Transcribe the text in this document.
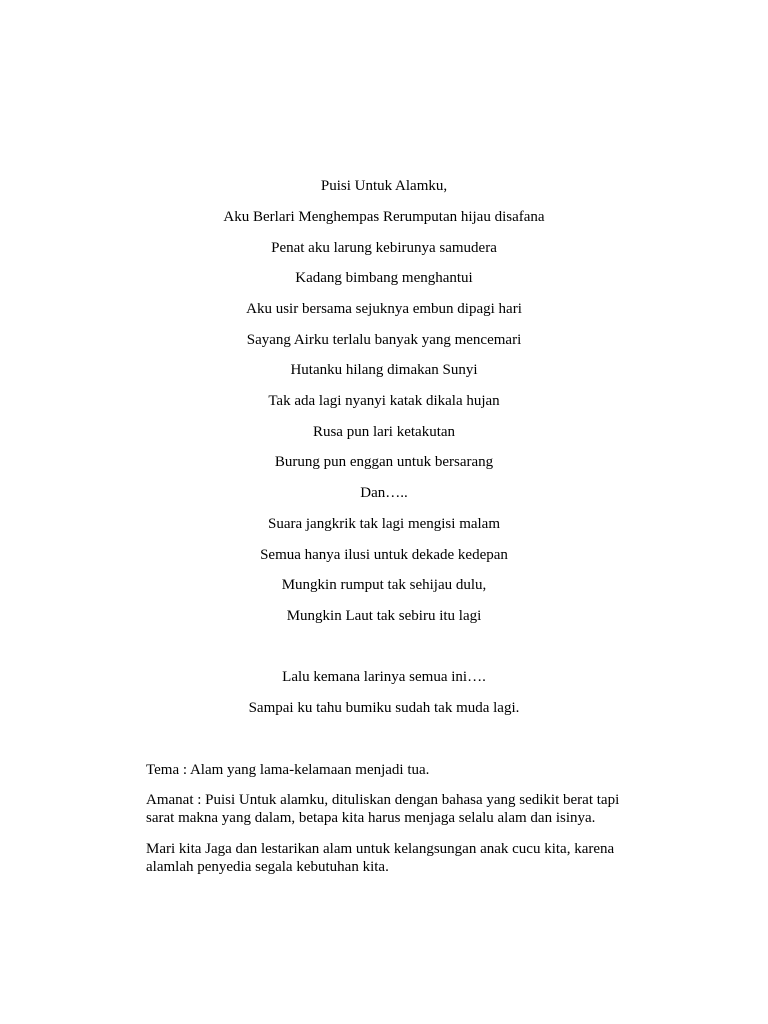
Puisi Untuk Alamku,
Aku Berlari Menghempas Rerumputan hijau disafana
Penat aku larung kebirunya samudera
Kadang bimbang menghantui
Aku usir bersama sejuknya embun dipagi hari
Sayang Airku terlalu banyak yang mencemari
Hutanku hilang dimakan Sunyi
Tak ada lagi nyanyi katak dikala hujan
Rusa pun lari ketakutan
Burung pun enggan untuk bersarang
Dan…..
Suara jangkrik tak lagi mengisi malam
Semua hanya ilusi untuk dekade kedepan
Mungkin rumput tak sehijau dulu,
Mungkin Laut tak sebiru itu lagi
Lalu kemana larinya semua ini….
Sampai ku tahu bumiku sudah tak muda lagi.
Tema : Alam yang lama-kelamaan menjadi tua.
Amanat : Puisi Untuk alamku, dituliskan dengan bahasa yang sedikit berat tapi sarat makna yang dalam, betapa kita harus menjaga selalu alam dan isinya.
Mari kita Jaga dan lestarikan alam untuk kelangsungan anak cucu kita, karena alamlah penyedia segala kebutuhan kita.
